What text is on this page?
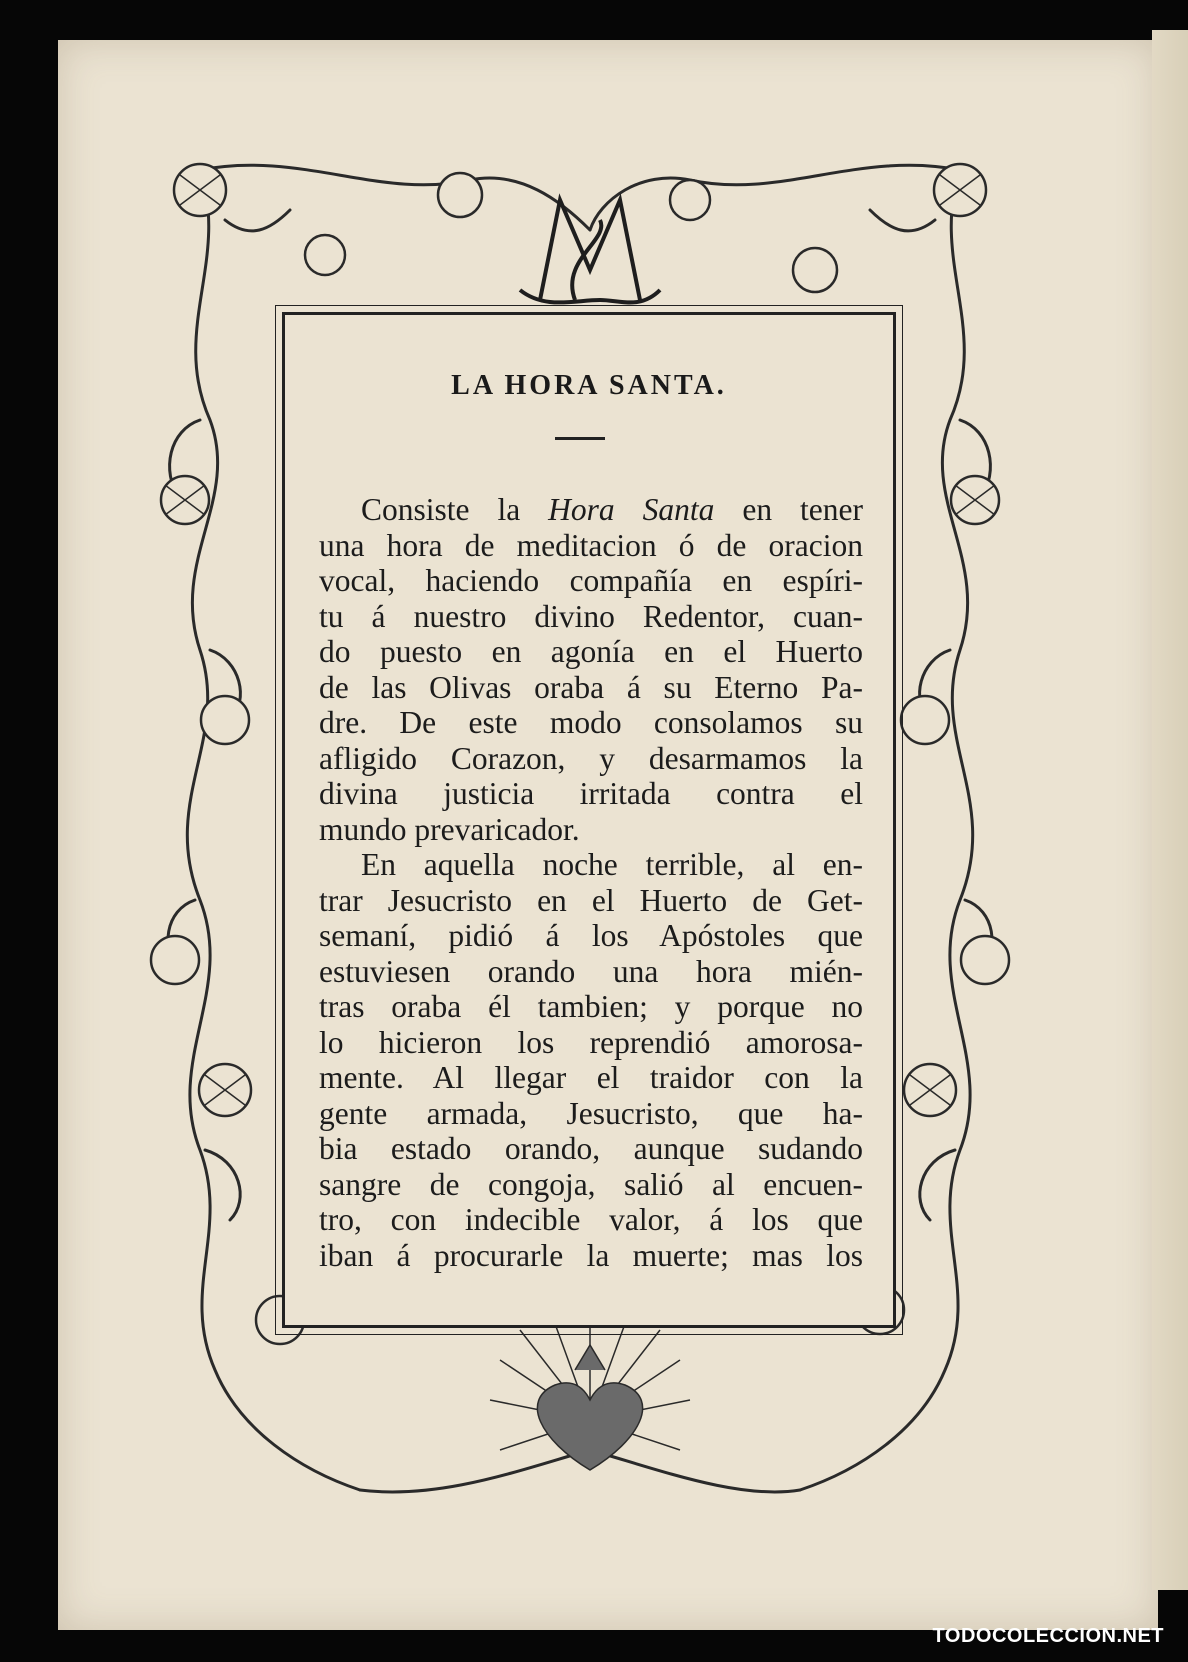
LA HORA SANTA.
Consiste la Hora Santa en tener
una hora de meditacion ó de oracion
vocal, haciendo compañía en espíri-
tu á nuestro divino Redentor, cuan-
do puesto en agonía en el Huerto
de las Olivas oraba á su Eterno Pa-
dre. De este modo consolamos su
afligido Corazon, y desarmamos la
divina justicia irritada contra el
mundo prevaricador.
En aquella noche terrible, al en-
trar Jesucristo en el Huerto de Get-
semaní, pidió á los Apóstoles que
estuviesen orando una hora mién-
tras oraba él tambien; y porque no
lo hicieron los reprendió amorosa-
mente. Al llegar el traidor con la
gente armada, Jesucristo, que ha-
bia estado orando, aunque sudando
sangre de congoja, salió al encuen-
tro, con indecible valor, á los que
iban á procurarle la muerte; mas los
TODOCOLECCION.NET
